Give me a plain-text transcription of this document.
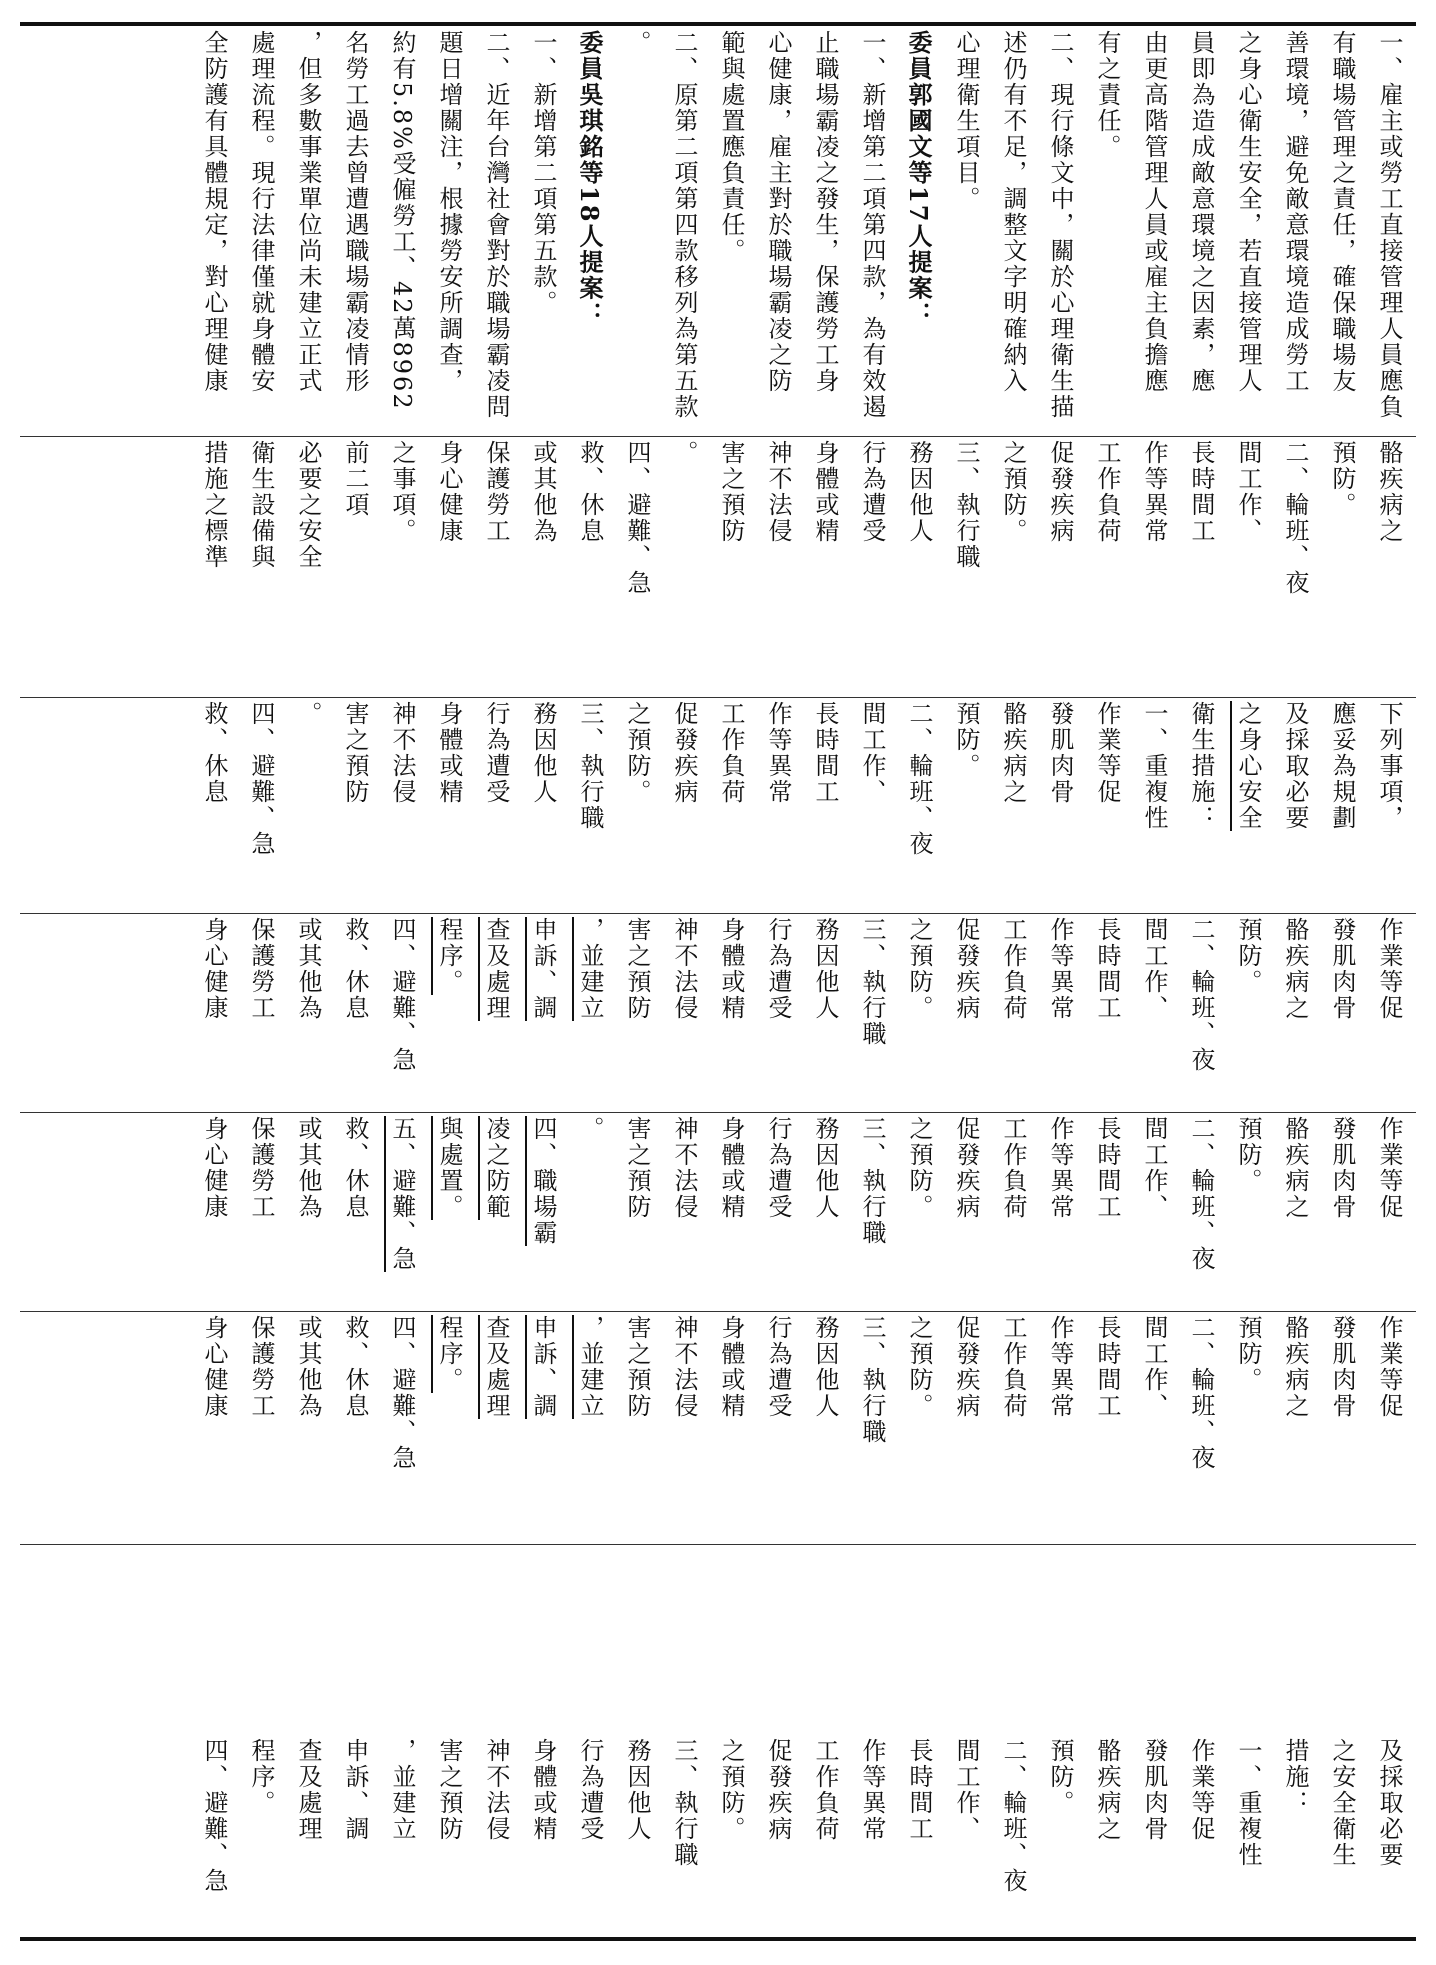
一、雇主或勞工直接管理人員應負
有職場管理之責任，確保職場友
善環境，避免敵意環境造成勞工
之身心衛生安全，若直接管理人
員即為造成敵意環境之因素，應
由更高階管理人員或雇主負擔應
有之責任。
二、現行條文中，關於心理衛生描
述仍有不足，調整文字明確納入
心理衛生項目。
委員郭國文等17人提案：
一、新增第二項第四款，為有效遏
止職場霸凌之發生，保護勞工身
心健康，雇主對於職場霸凌之防
範與處置應負責任。
二、原第二項第四款移列為第五款
。
委員吳琪銘等18人提案：
一、新增第二項第五款。
二、近年台灣社會對於職場霸凌問
題日增關注，根據勞安所調查，
約有5.8%受僱勞工、42萬8962
名勞工過去曾遭遇職場霸凌情形
，但多數事業單位尚未建立正式
處理流程。現行法律僅就身體安
全防護有具體規定，對心理健康
骼疾病之
預防。
二、輪班、夜
間工作、
長時間工
作等異常
工作負荷
促發疾病
之預防。
三、執行職
務因他人
行為遭受
身體或精
神不法侵
害之預防
。
四、避難、急
救、休息
或其他為
保護勞工
身心健康
之事項。
前二項
必要之安全
衛生設備與
措施之標準
下列事項，
應妥為規劃
及採取必要
之身心安全
衛生措施：
一、重複性
作業等促
發肌肉骨
骼疾病之
預防。
二、輪班、夜
間工作、
長時間工
作等異常
工作負荷
促發疾病
之預防。
三、執行職
務因他人
行為遭受
身體或精
神不法侵
害之預防
。
四、避難、急
救、休息
作業等促
發肌肉骨
骼疾病之
預防。
二、輪班、夜
間工作、
長時間工
作等異常
工作負荷
促發疾病
之預防。
三、執行職
務因他人
行為遭受
身體或精
神不法侵
害之預防
，並建立
申訴、調
查及處理
程序。
四、避難、急
救、休息
或其他為
保護勞工
身心健康
作業等促
發肌肉骨
骼疾病之
預防。
二、輪班、夜
間工作、
長時間工
作等異常
工作負荷
促發疾病
之預防。
三、執行職
務因他人
行為遭受
身體或精
神不法侵
害之預防
。
四、職場霸
凌之防範
與處置。
五、避難、急
救、休息
或其他為
保護勞工
身心健康
作業等促
發肌肉骨
骼疾病之
預防。
二、輪班、夜
間工作、
長時間工
作等異常
工作負荷
促發疾病
之預防。
三、執行職
務因他人
行為遭受
身體或精
神不法侵
害之預防
，並建立
申訴、調
查及處理
程序。
四、避難、急
救、休息
或其他為
保護勞工
身心健康
及採取必要
之安全衛生
措施：
一、重複性
作業等促
發肌肉骨
骼疾病之
預防。
二、輪班、夜
間工作、
長時間工
作等異常
工作負荷
促發疾病
之預防。
三、執行職
務因他人
行為遭受
身體或精
神不法侵
害之預防
，並建立
申訴、調
查及處理
程序。
四、避難、急
